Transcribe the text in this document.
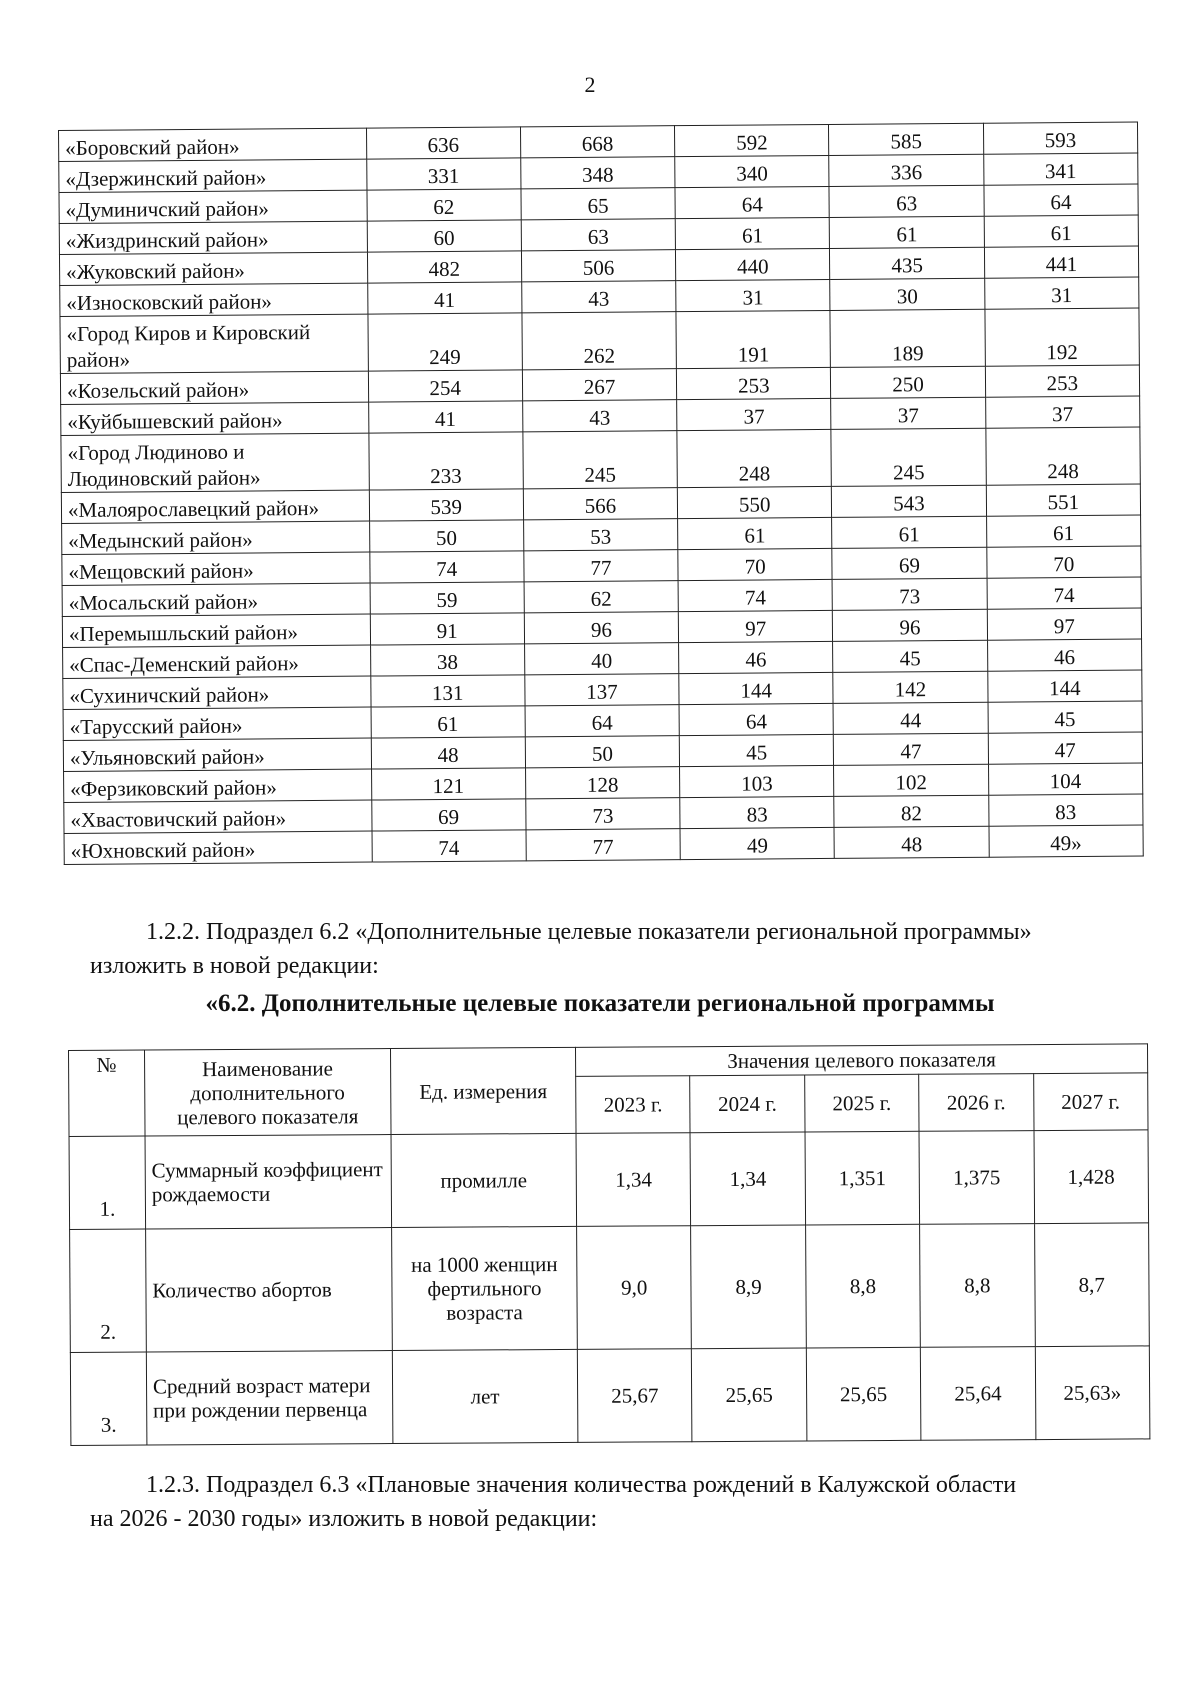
2
«Боровский район»	636	668	592	585	593
«Дзержинский район»	331	348	340	336	341
«Думиничский район»	62	65	64	63	64
«Жиздринский район»	60	63	61	61	61
«Жуковский район»	482	506	440	435	441
«Износковский район»	41	43	31	30	31
«Город Киров и Кировский район»	249	262	191	189	192
«Козельский район»	254	267	253	250	253
«Куйбышевский район»	41	43	37	37	37
«Город Людиново и Людиновский район»	233	245	248	245	248
«Малоярославецкий район»	539	566	550	543	551
«Медынский район»	50	53	61	61	61
«Мещовский район»	74	77	70	69	70
«Мосальский район»	59	62	74	73	74
«Перемышльский район»	91	96	97	96	97
«Спас-Деменский район»	38	40	46	45	46
«Сухиничский район»	131	137	144	142	144
«Тарусский район»	61	64	64	44	45
«Ульяновский район»	48	50	45	47	47
«Ферзиковский район»	121	128	103	102	104
«Хвастовичский район»	69	73	83	82	83
«Юхновский район»	74	77	49	48	49»
1.2.2. Подраздел 6.2 «Дополнительные целевые показатели региональной программы»
изложить в новой редакции:
«6.2. Дополнительные целевые показатели региональной программы
№	Наименование дополнительного целевого показателя	Ед. измерения	Значения целевого показателя				
			2023 г.	2024 г.	2025 г.	2026 г.	2027 г.
1.	Суммарный коэффициент рождаемости	промилле	1,34	1,34	1,351	1,375	1,428
2.	Количество абортов	на 1000 женщин фертильного возраста	9,0	8,9	8,8	8,8	8,7
3.	Средний возраст матери при рождении первенца	лет	25,67	25,65	25,65	25,64	25,63»
1.2.3. Подраздел 6.3 «Плановые значения количества рождений в Калужской области
на 2026 - 2030 годы» изложить в новой редакции:
